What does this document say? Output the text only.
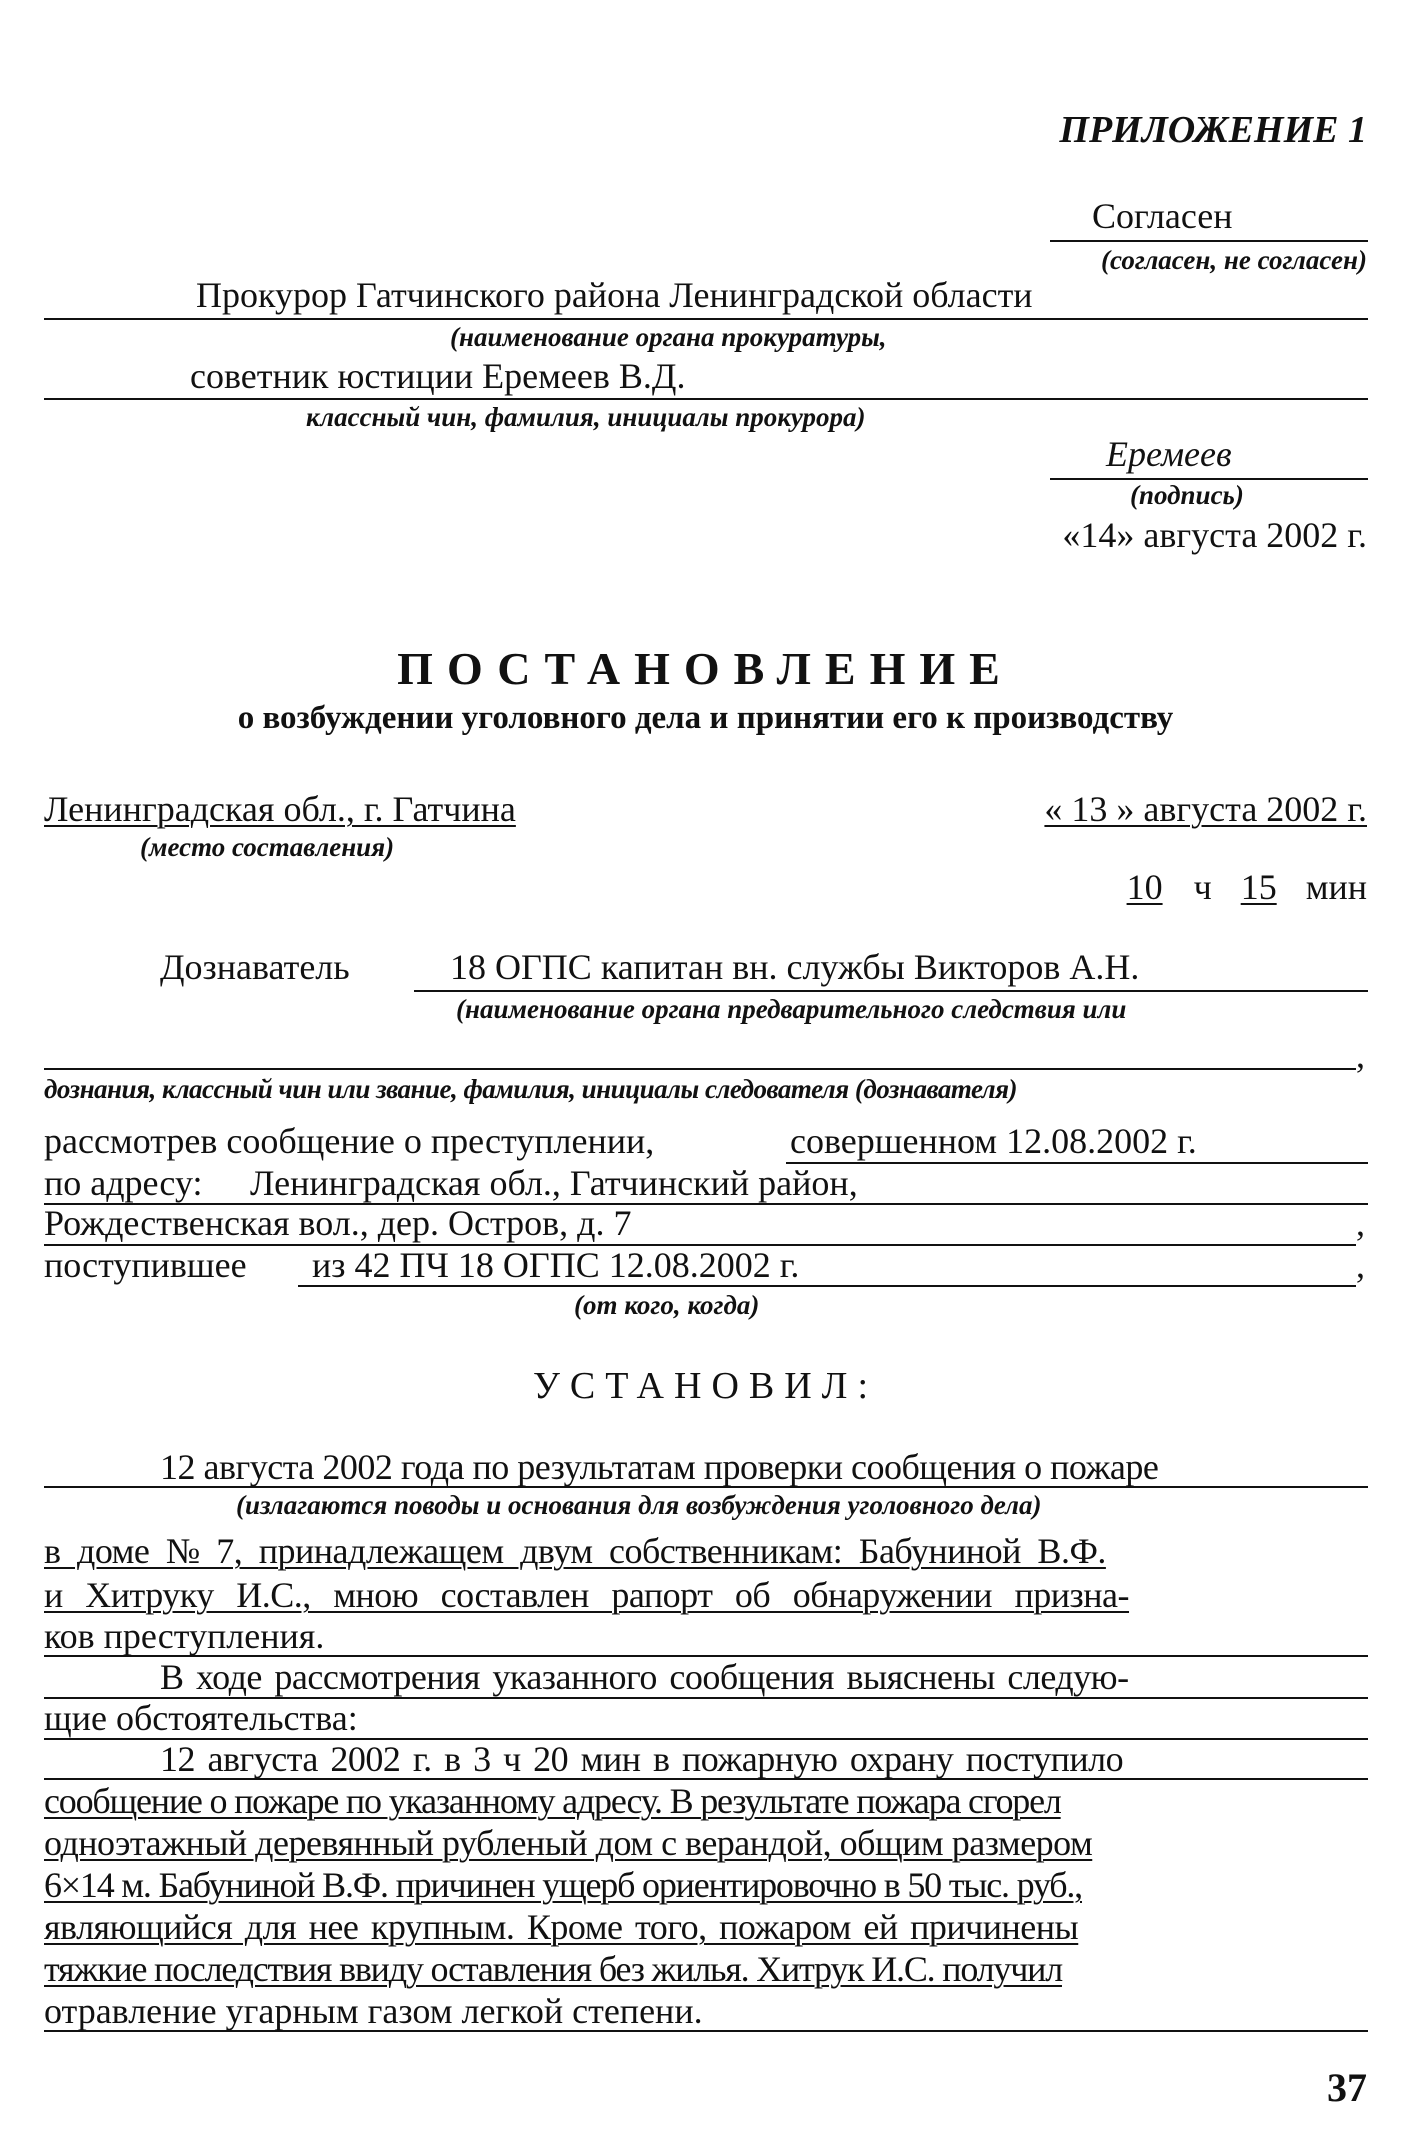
ПРИЛОЖЕНИЕ 1
Согласен
(согласен, не согласен)
Прокурор Гатчинского района Ленинградской области
(наименование органа прокуратуры,
советник юстиции Еремеев В.Д.
классный чин, фамилия, инициалы прокурора)
Еремеев
(подпись)
«14» августа 2002 г.
ПОСТАНОВЛЕНИЕ
о возбуждении уголовного дела и принятии его к производству
Ленинградская обл., г. Гатчина
(место составления)
« 13 » августа 2002 г.
10 ч 15 мин
Дознаватель	18 ОГПС капитан вн. службы Викторов А.Н.
(наименование органа предварительного следствия или
,
дознания, классный чин или звание, фамилия, инициалы следователя (дознавателя)
рассмотрев сообщение о преступлении,	совершенном 12.08.2002 г.
по адресу: Ленинградская обл., Гатчинский район,
Рождественская вол., дер. Остров, д. 7	,
поступившее из 42 ПЧ 18 ОГПС 12.08.2002 г.	,
(от кого, когда)
УСТАНОВИЛ:
12 августа 2002 года по результатам проверки сообщения о пожаре
(излагаются поводы и основания для возбуждения уголовного дела)
в доме № 7, принадлежащем двум собственникам: Бабуниной В.Ф.
и Хитруку И.С., мною составлен рапорт об обнаружении призна-
ков преступления.
В ходе рассмотрения указанного сообщения выяснены следую-
щие обстоятельства:
12 августа 2002 г. в 3 ч 20 мин в пожарную охрану поступило
сообщение о пожаре по указанному адресу. В результате пожара сгорел
одноэтажный деревянный рубленый дом с верандой, общим размером
6×14 м. Бабуниной В.Ф. причинен ущерб ориентировочно в 50 тыс. руб.,
являющийся для нее крупным. Кроме того, пожаром ей причинены
тяжкие последствия ввиду оставления без жилья. Хитрук И.С. получил
отравление угарным газом легкой степени.
37
